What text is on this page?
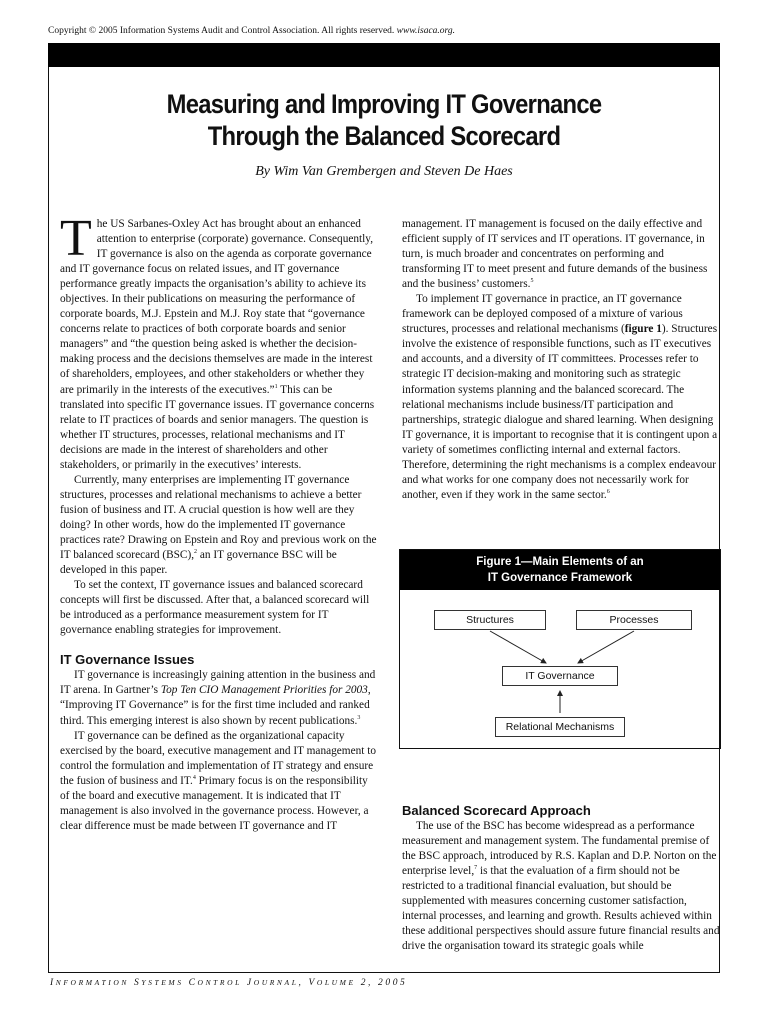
Copyright © 2005 Information Systems Audit and Control Association. All rights reserved. www.isaca.org.
Measuring and Improving IT Governance
Through the Balanced Scorecard
By Wim Van Grembergen and Steven De Haes

The US Sarbanes-Oxley Act has brought about an enhanced attention to enterprise (corporate) governance. Consequently, IT governance is also on the agenda as corporate governance and IT governance focus on related issues, and IT governance performance greatly impacts the organisation’s ability to achieve its objectives. In their publications on measuring the performance of corporate boards, M.J. Epstein and M.J. Roy state that “governance concerns relate to practices of both corporate boards and senior managers” and “the question being asked is whether the decision-making process and the decisions themselves are made in the interest of shareholders, employees, and other stakeholders or whether they are primarily in the interests of the executives.”$^1$ This can be translated into specific IT governance issues. IT governance concerns relate to IT practices of boards and senior managers. The question is whether IT structures, processes, relational mechanisms and IT decisions are made in the interest of shareholders and other stakeholders, or primarily in the executives’ interests.

Currently, many enterprises are implementing IT governance structures, processes and relational mechanisms to achieve a better fusion of business and IT. A crucial question is how well are they doing? In other words, how do the implemented IT governance practices rate? Drawing on Epstein and Roy and previous work on the IT balanced scorecard (BSC),$^2$ an IT governance BSC will be developed in this paper.

To set the context, IT governance issues and balanced scorecard concepts will first be discussed. After that, a balanced scorecard will be introduced as a performance measurement system for IT governance enabling strategies for improvement.

IT Governance Issues

IT governance is increasingly gaining attention in the business and IT arena. In Gartner’s Top Ten CIO Management Priorities for 2003, “Improving IT Governance” is for the first time included and ranked third. This emerging interest is also shown by recent publications.$^3$

IT governance can be defined as the organizational capacity exercised by the board, executive management and IT management to control the formulation and implementation of IT strategy and ensure the fusion of business and IT.$^4$ Primary focus is on the responsibility of the board and executive management. It is indicated that IT management is also involved in the governance process. However, a clear difference must be made between IT governance and IT

management. IT management is focused on the daily effective and efficient supply of IT services and IT operations. IT governance, in turn, is much broader and concentrates on performing and transforming IT to meet present and future demands of the business and the business’ customers.$^5$

To implement IT governance in practice, an IT governance framework can be deployed composed of a mixture of various structures, processes and relational mechanisms (figure 1). Structures involve the existence of responsible functions, such as IT executives and accounts, and a diversity of IT committees. Processes refer to strategic IT decision-making and monitoring such as strategic information systems planning and the balanced scorecard. The relational mechanisms include business/IT participation and partnerships, strategic dialogue and shared learning. When designing IT governance, it is important to recognise that it is contingent upon a variety of sometimes conflicting internal and external factors. Therefore, determining the right mechanisms is a complex endeavour and what works for one company does not necessarily work for another, even if they work in the same sector.$^6$

Balanced Scorecard Approach

The use of the BSC has become widespread as a performance measurement and management system. The fundamental premise of the BSC approach, introduced by R.S. Kaplan and D.P. Norton on the enterprise level,$^7$ is that the evaluation of a firm should not be restricted to a traditional financial evaluation, but should be supplemented with measures concerning customer satisfaction, internal processes, and learning and growth. Results achieved within these additional perspectives should assure future financial results and drive the organisation toward its strategic goals while

Figure 1—Main Elements of an
IT Governance Framework
Structures	Processes
IT Governance
Relational Mechanisms
INFORMATION SYSTEMS CONTROL JOURNAL, VOLUME 2, 2005
